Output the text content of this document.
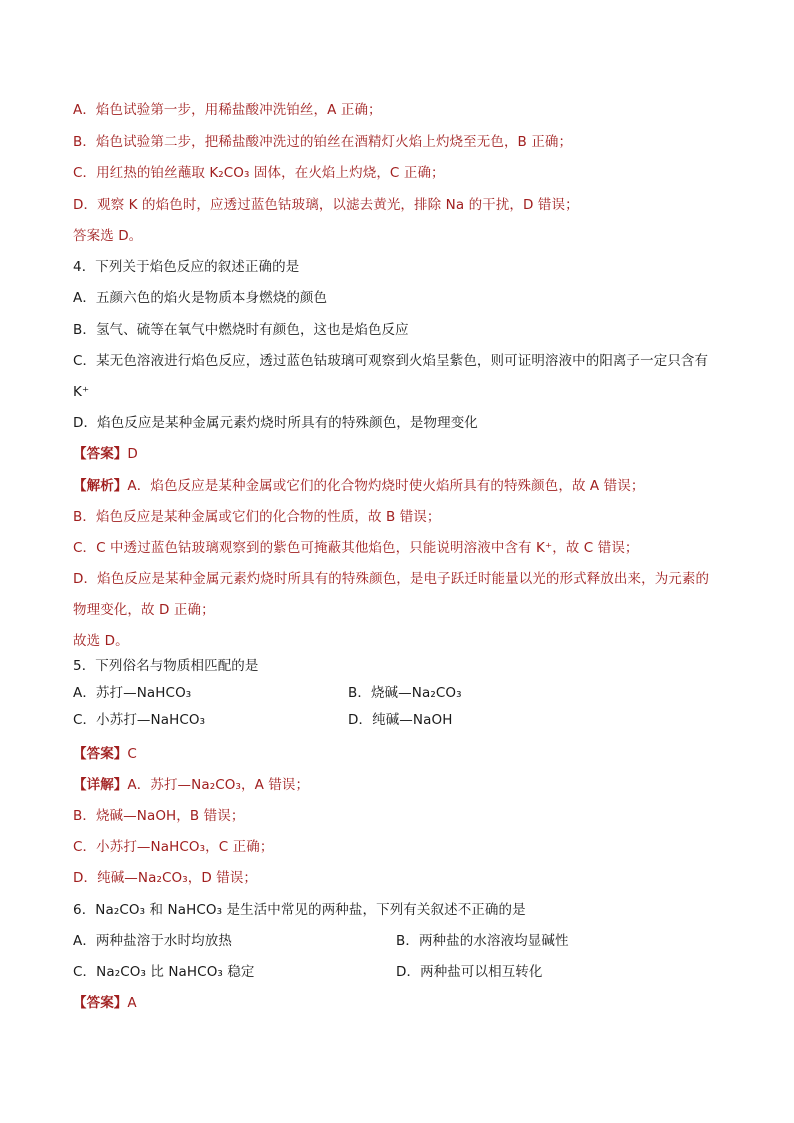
A．焰色试验第一步，用稀盐酸冲洗铂丝，A 正确；
B．焰色试验第二步，把稀盐酸冲洗过的铂丝在酒精灯火焰上灼烧至无色，B 正确；
C．用红热的铂丝蘸取 K₂CO₃ 固体，在火焰上灼烧，C 正确；
D．观察 K 的焰色时，应透过蓝色钴玻璃，以滤去黄光，排除 Na 的干扰，D 错误；
答案选 D。
4．下列关于焰色反应的叙述正确的是
A．五颜六色的焰火是物质本身燃烧的颜色
B．氢气、硫等在氧气中燃烧时有颜色，这也是焰色反应
C．某无色溶液进行焰色反应，透过蓝色钴玻璃可观察到火焰呈紫色，则可证明溶液中的阳离子一定只含有
K⁺
D．焰色反应是某种金属元素灼烧时所具有的特殊颜色，是物理变化
【答案】D
【解析】A．焰色反应是某种金属或它们的化合物灼烧时使火焰所具有的特殊颜色，故 A 错误；
B．焰色反应是某种金属或它们的化合物的性质，故 B 错误；
C．C 中透过蓝色钴玻璃观察到的紫色可掩蔽其他焰色，只能说明溶液中含有 K⁺，故 C 错误；
D．焰色反应是某种金属元素灼烧时所具有的特殊颜色，是电子跃迁时能量以光的形式释放出来，为元素的
物理变化，故 D 正确；
故选 D。
5．下列俗名与物质相匹配的是
A．苏打—NaHCO₃	B．烧碱—Na₂CO₃
C．小苏打—NaHCO₃	D．纯碱—NaOH
【答案】C
【详解】A．苏打—Na₂CO₃，A 错误；
B．烧碱—NaOH，B 错误；
C．小苏打—NaHCO₃，C 正确；
D．纯碱—Na₂CO₃，D 错误；
6．Na₂CO₃ 和 NaHCO₃ 是生活中常见的两种盐，下列有关叙述不正确的是
A．两种盐溶于水时均放热	B．两种盐的水溶液均显碱性
C．Na₂CO₃ 比 NaHCO₃ 稳定	D．两种盐可以相互转化
【答案】A
